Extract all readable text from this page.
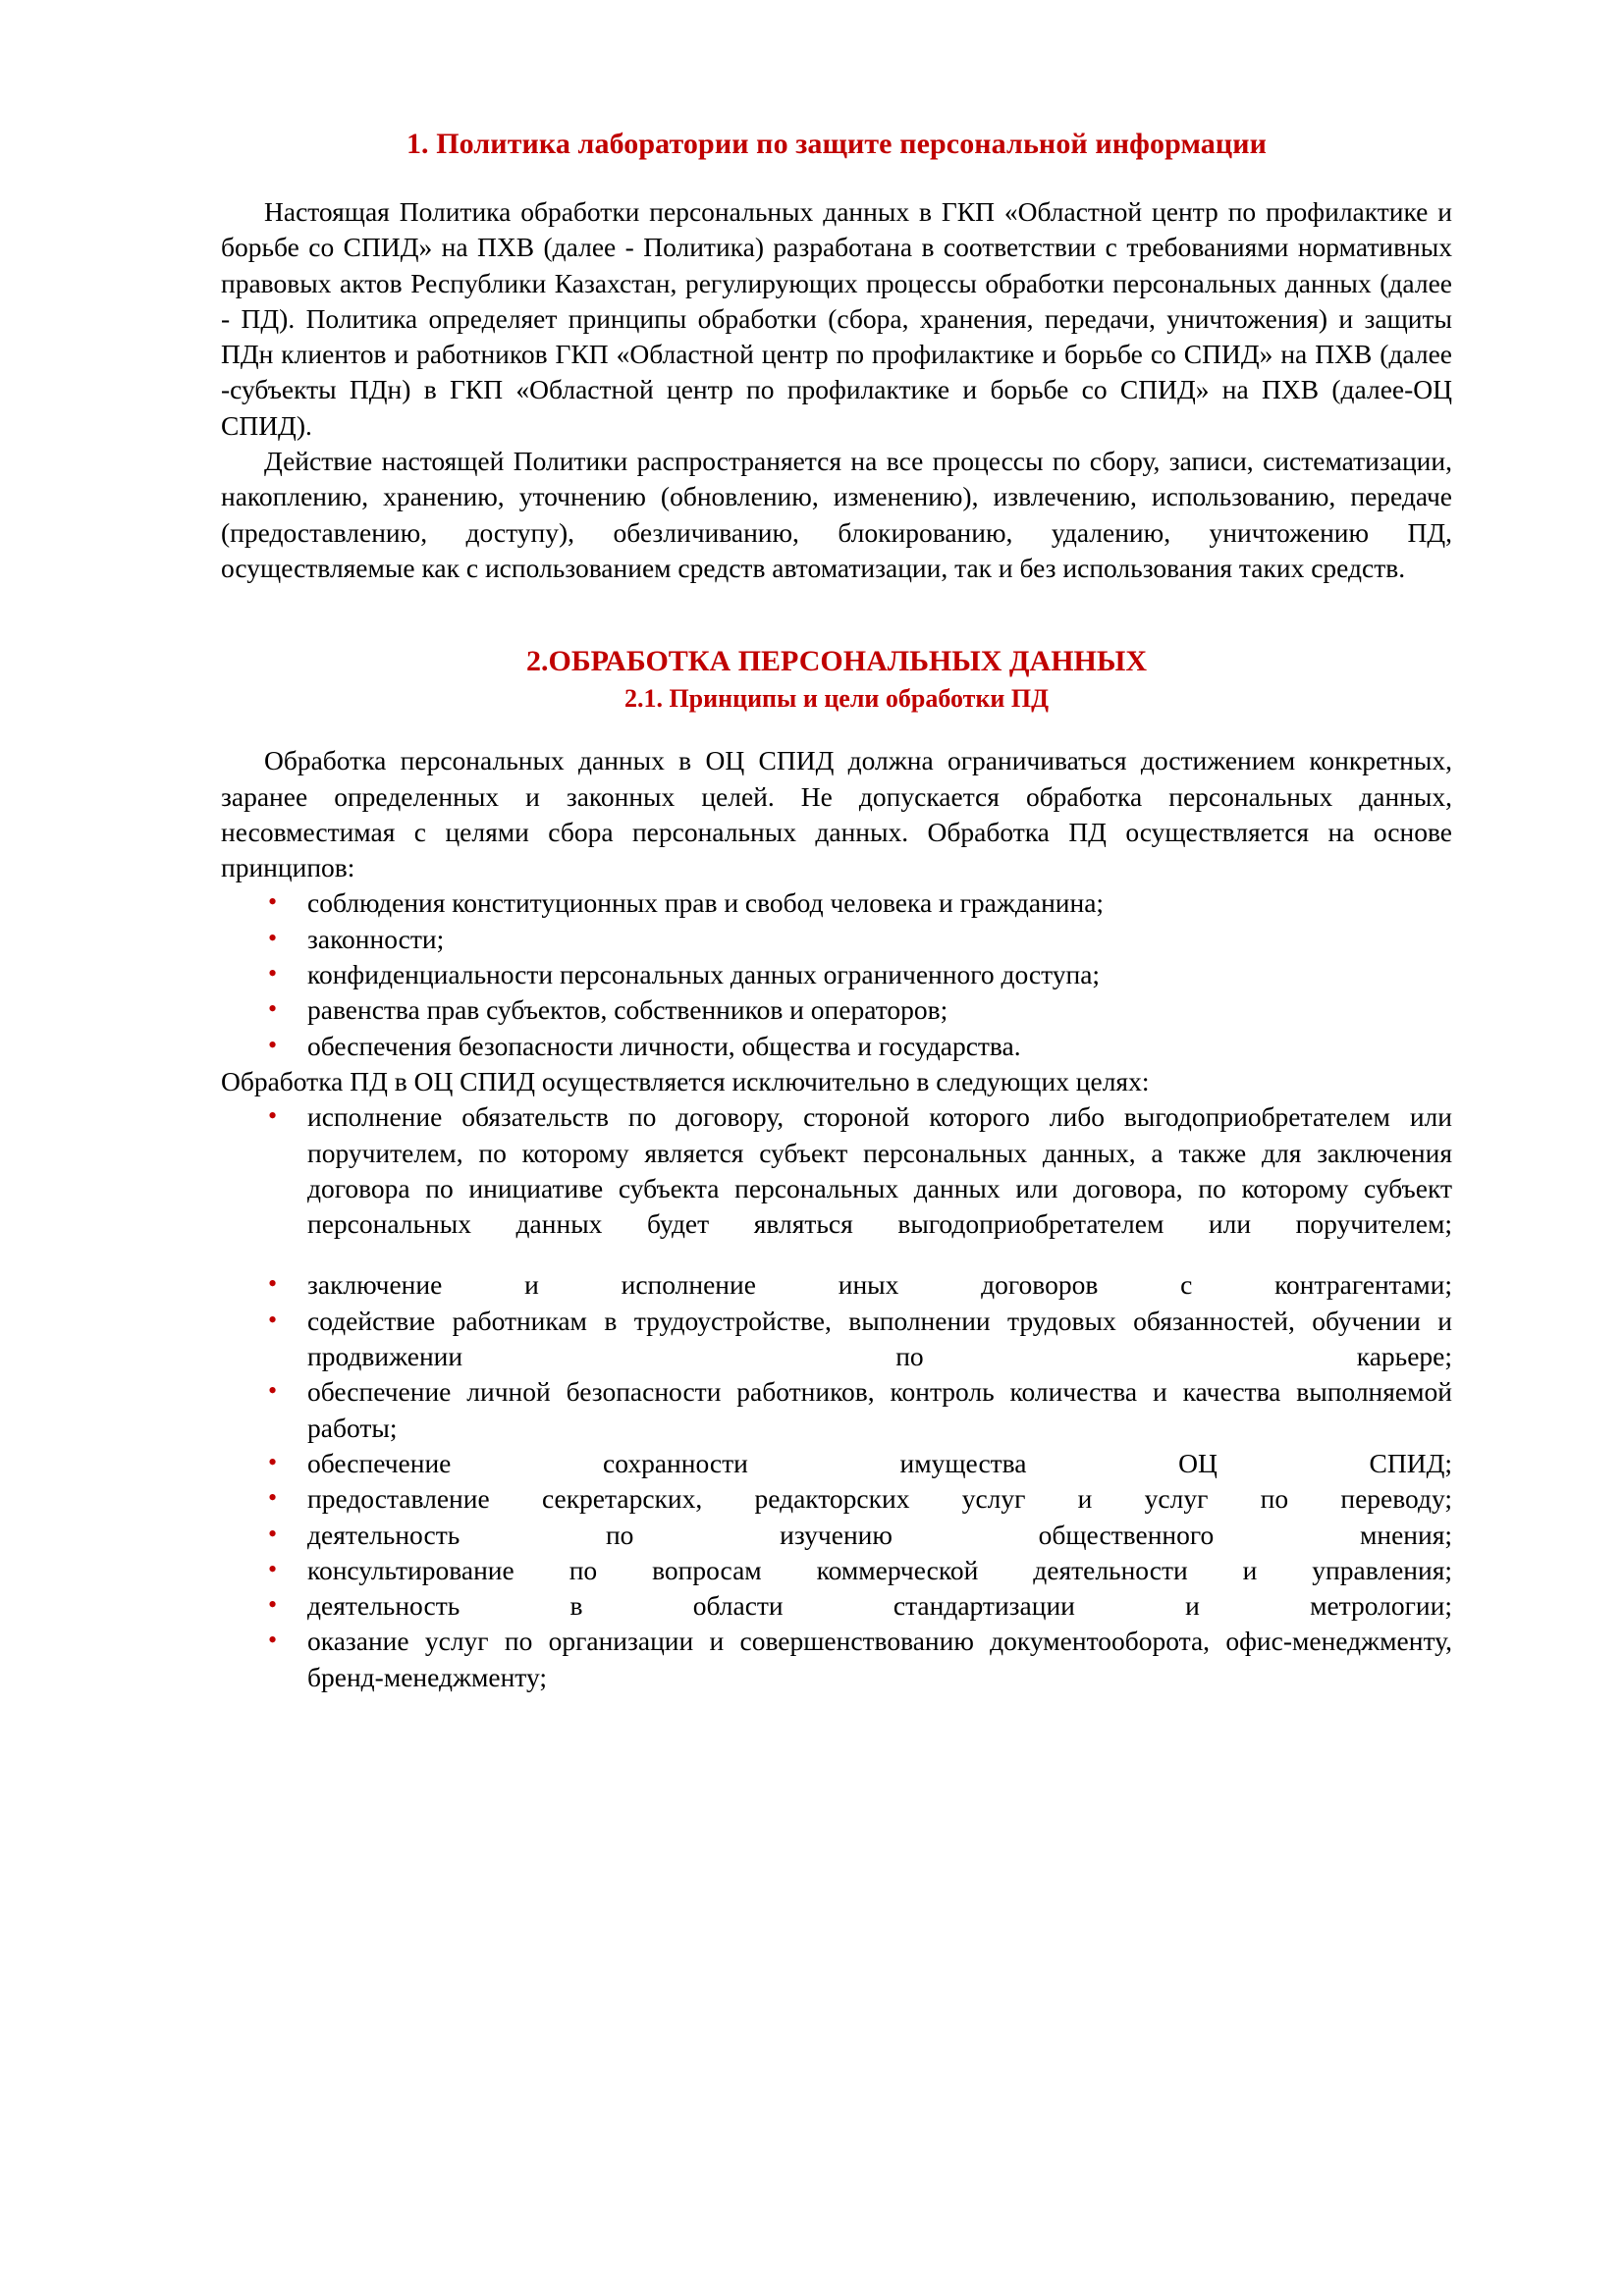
1. Политика лаборатории по защите персональной информации

Настоящая Политика обработки персональных данных в ГКП «Областной центр по профилактике и борьбе со СПИД» на ПХВ (далее - Политика) разработана в соответствии с требованиями нормативных правовых актов Республики Казахстан, регулирующих процессы обработки персональных данных (далее - ПД). Политика определяет принципы обработки (сбора, хранения, передачи, уничтожения) и защиты ПДн клиентов и работников ГКП «Областной центр по профилактике и борьбе со СПИД» на ПХВ (далее -субъекты ПДн) в ГКП «Областной центр по профилактике и борьбе со СПИД» на ПХВ (далее-ОЦ СПИД).

Действие настоящей Политики распространяется на все процессы по сбору, записи, систематизации, накоплению, хранению, уточнению (обновлению, изменению), извлечению, использованию, передаче (предоставлению, доступу), обезличиванию, блокированию, удалению, уничтожению ПД, осуществляемые как с использованием средств автоматизации, так и без использования таких средств.

2.ОБРАБОТКА ПЕРСОНАЛЬНЫХ ДАННЫХ
2.1. Принципы и цели обработки ПД

Обработка персональных данных в ОЦ СПИД должна ограничиваться достижением конкретных, заранее определенных и законных целей. Не допускается обработка персональных данных, несовместимая с целями сбора персональных данных. Обработка ПД осуществляется на основе принципов:

• соблюдения конституционных прав и свобод человека и гражданина;
• законности;
• конфиденциальности персональных данных ограниченного доступа;
• равенства прав субъектов, собственников и операторов;
• обеспечения безопасности личности, общества и государства.

Обработка ПД в ОЦ СПИД осуществляется исключительно в следующих целях:

• исполнение обязательств по договору, стороной которого либо выгодоприобретателем или поручителем, по которому является субъект персональных данных, а также для заключения договора по инициативе субъекта персональных данных или договора, по которому субъект персональных данных будет являться выгодоприобретателем или поручителем;
• заключение и исполнение иных договоров с контрагентами;
• содействие работникам в трудоустройстве, выполнении трудовых обязанностей, обучении и продвижении по карьере;
• обеспечение личной безопасности работников, контроль количества и качества выполняемой работы;
• обеспечение сохранности имущества ОЦ СПИД;
• предоставление секретарских, редакторских услуг и услуг по переводу;
• деятельность по изучению общественного мнения;
• консультирование по вопросам коммерческой деятельности и управления;
• деятельность в области стандартизации и метрологии;
• оказание услуг по организации и совершенствованию документооборота, офис-менеджменту, бренд-менеджменту;
